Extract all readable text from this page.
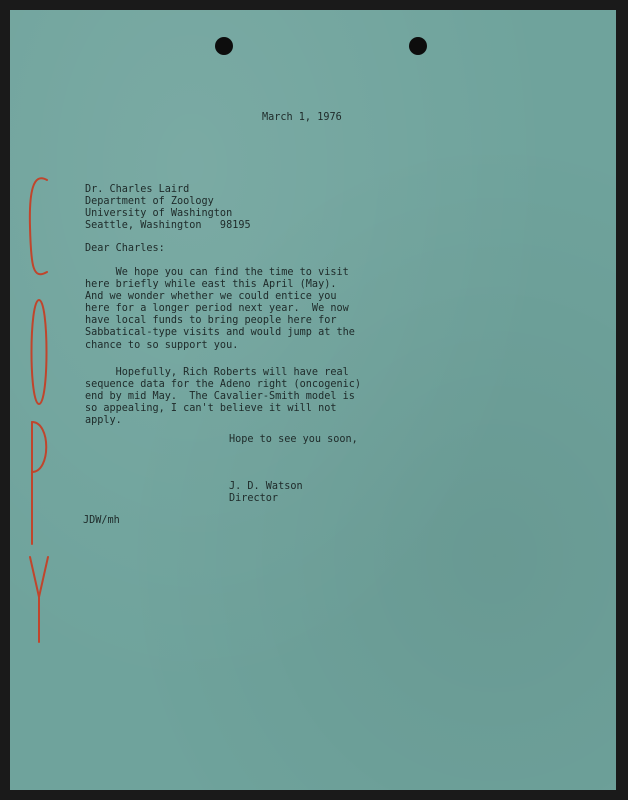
March 1, 1976
Dr. Charles Laird
Department of Zoology
University of Washington
Seattle, Washington   98195
Dear Charles:
We hope you can find the time to visit
here briefly while east this April (May).
And we wonder whether we could entice you
here for a longer period next year.  We now
have local funds to bring people here for
Sabbatical-type visits and would jump at the
chance to so support you.
Hopefully, Rich Roberts will have real
sequence data for the Adeno right (oncogenic)
end by mid May.  The Cavalier-Smith model is
so appealing, I can't believe it will not
apply.
Hope to see you soon,
J. D. Watson
Director
JDW/mh
